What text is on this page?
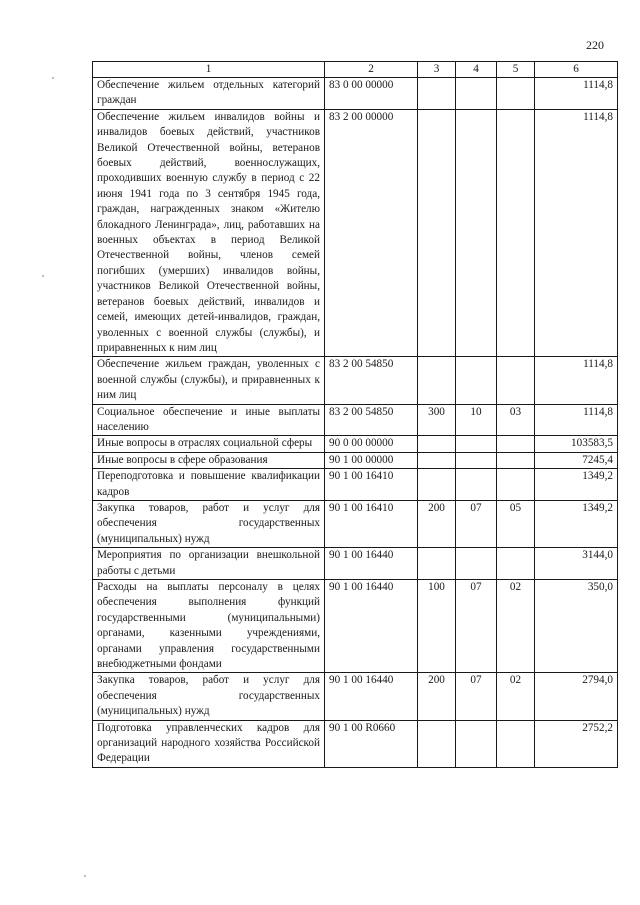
220
1	2	3	4	5	6
Обеспечение жильем отдельных категорий граждан	83 0 00 00000				1114,8
Обеспечение жильем инвалидов войны и инвалидов боевых действий, участников Великой Отечественной войны, ветеранов боевых действий, военнослужащих, проходивших военную службу в период с 22 июня 1941 года по 3 сентября 1945 года, граждан, награжденных знаком «Жителю блокадного Ленинграда», лиц, работавших на военных объектах в период Великой Отечественной войны, членов семей погибших (умерших) инвалидов войны, участников Великой Отечественной войны, ветеранов боевых действий, инвалидов и семей, имеющих детей-инвалидов, граждан, уволенных с военной службы (службы), и приравненных к ним лиц	83 2 00 00000				1114,8
Обеспечение жильем граждан, уволенных с военной службы (службы), и приравненных к ним лиц	83 2 00 54850				1114,8
Социальное обеспечение и иные выплаты населению	83 2 00 54850	300	10	03	1114,8
Иные вопросы в отраслях социальной сферы	90 0 00 00000				103583,5
Иные вопросы в сфере образования	90 1 00 00000				7245,4
Переподготовка и повышение квалификации кадров	90 1 00 16410				1349,2
Закупка товаров, работ и услуг для обеспечения государственных (муниципальных) нужд	90 1 00 16410	200	07	05	1349,2
Мероприятия по организации внешкольной работы с детьми	90 1 00 16440				3144,0
Расходы на выплаты персоналу в целях обеспечения выполнения функций государственными (муниципальными) органами, казенными учреждениями, органами управления государственными внебюджетными фондами	90 1 00 16440	100	07	02	350,0
Закупка товаров, работ и услуг для обеспечения государственных (муниципальных) нужд	90 1 00 16440	200	07	02	2794,0
Подготовка управленческих кадров для организаций народного хозяйства Российской Федерации	90 1 00 R0660				2752,2
